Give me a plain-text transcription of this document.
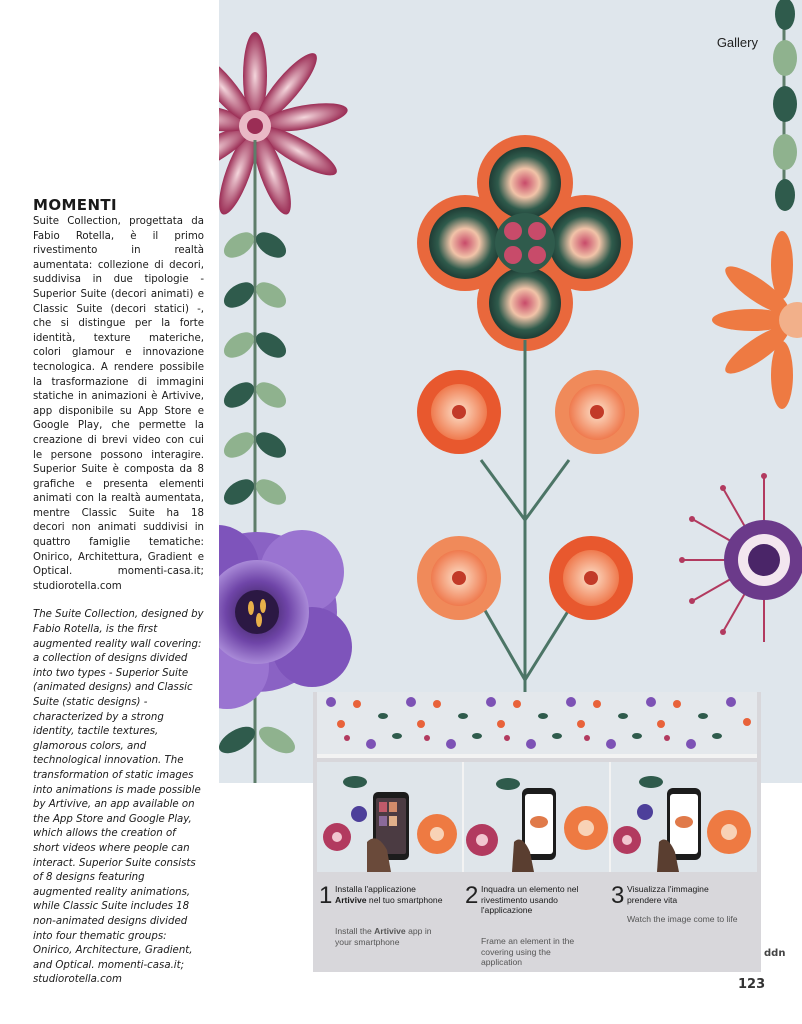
MOMENTI

Suite Collection, progettata da Fabio Rotella, è il primo rivestimento in realtà aumentata: collezione di decori, suddivisa in due tipologie - Superior Suite (decori animati) e Classic Suite (decori statici) -, che si distingue per la forte identità, texture materiche, colori glamour e innovazione tecnologica. A rendere possibile la trasformazione di immagini statiche in animazioni è Artivive, app disponibile su App Store e Google Play, che permette la creazione di brevi video con cui le persone possono interagire. Superior Suite è composta da 8 grafiche e presenta elementi animati con la realtà aumentata, mentre Classic Suite ha 18 decori non animati suddivisi in quattro famiglie tematiche: Onirico, Architettura, Gradient e Optical. momenti-casa.it; studiorotella.com

The Suite Collection, designed by Fabio Rotella, is the first augmented reality wall covering: a collection of designs divided into two types - Superior Suite (animated designs) and Classic Suite (static designs) - characterized by a strong identity, tactile textures, glamorous colors, and technological innovation. The transformation of static images into animations is made possible by Artivive, an app available on the App Store and Google Play, which allows the creation of short videos where people can interact. Superior Suite consists of 8 designs featuring augmented reality animations, while Classic Suite includes 18 non-animated designs divided into four thematic groups: Onirico, Architecture, Gradient, and Optical. momenti-casa.it; studiorotella.com

Gallery
1 Installa l'applicazione Artivive nel tuo smartphone
Install the Artivive app in your smartphone
2 Inquadra un elemento nel rivestimento usando l'applicazione
Frame an element in the covering using the application
3 Visualizza l'immagine prendere vita
Watch the image come to life
ddn
123
